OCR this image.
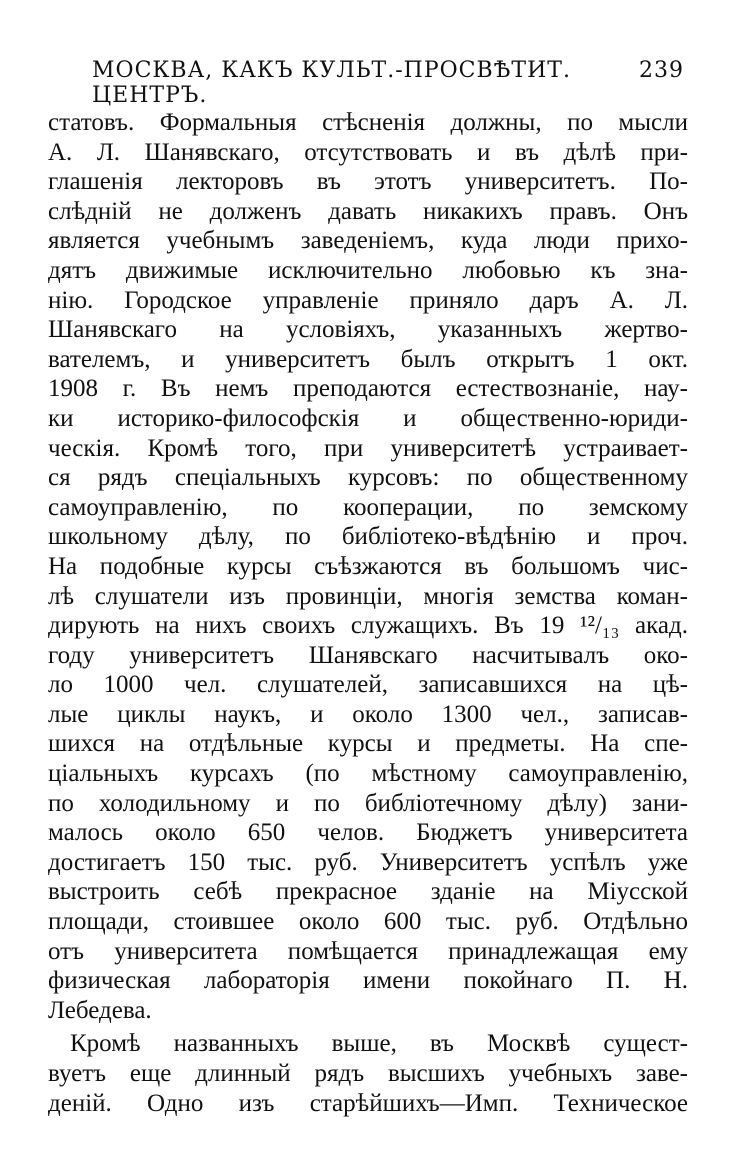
МОСКВА, КАКЪ КУЛЬТ.-ПРОСВѢТИТ. ЦЕНТРЪ.
239
статовъ. Формальныя стѣсненія должны, по мысли
А. Л. Шанявскаго, отсутствовать и въ дѣлѣ при-
глашенія лекторовъ въ этотъ университетъ. По-
слѣдній не долженъ давать никакихъ правъ. Онъ
является учебнымъ заведеніемъ, куда люди прихо-
дятъ движимые исключительно любовью къ зна-
нію. Городское управленіе приняло даръ А. Л.
Шанявскаго на условіяхъ, указанныхъ жертво-
вателемъ, и университетъ былъ открытъ 1 окт.
1908 г. Въ немъ преподаются естествознаніе, нау-
ки историко-философскія и общественно-юриди-
ческія. Кромѣ того, при университетѣ устраивает-
ся рядъ спеціальныхъ курсовъ: по общественному
самоуправленію, по кооперации, по земскому
школьному дѣлу, по библіотеко-вѣдѣнію и проч.
На подобные курсы съѣзжаются въ большомъ чис-
лѣ слушатели изъ провинціи, многія земства коман-
дирують на нихъ своихъ служащихъ. Въ 19 ¹²/₁₃ акад.
году университетъ Шанявскаго насчитывалъ око-
ло 1000 чел. слушателей, записавшихся на цѣ-
лые циклы наукъ, и около 1300 чел., записав-
шихся на отдѣльные курсы и предметы. На спе-
ціальныхъ курсахъ (по мѣстному самоуправленію,
по холодильному и по библіотечному дѣлу) зани-
малось около 650 челов. Бюджетъ университета
достигаетъ 150 тыс. руб. Университетъ успѣлъ уже
выстроить себѣ прекрасное зданіе на Міусской
площади, стоившее около 600 тыс. руб. Отдѣльно
отъ университета помѣщается принадлежащая ему
физическая лабораторія имени покойнаго П. Н.
Лебедева.
Кромѣ названныхъ выше, въ Москвѣ сущест-
вуетъ еще длинный рядъ высшихъ учебныхъ заве-
деній. Одно изъ старѣйшихъ—Имп. Техническое
